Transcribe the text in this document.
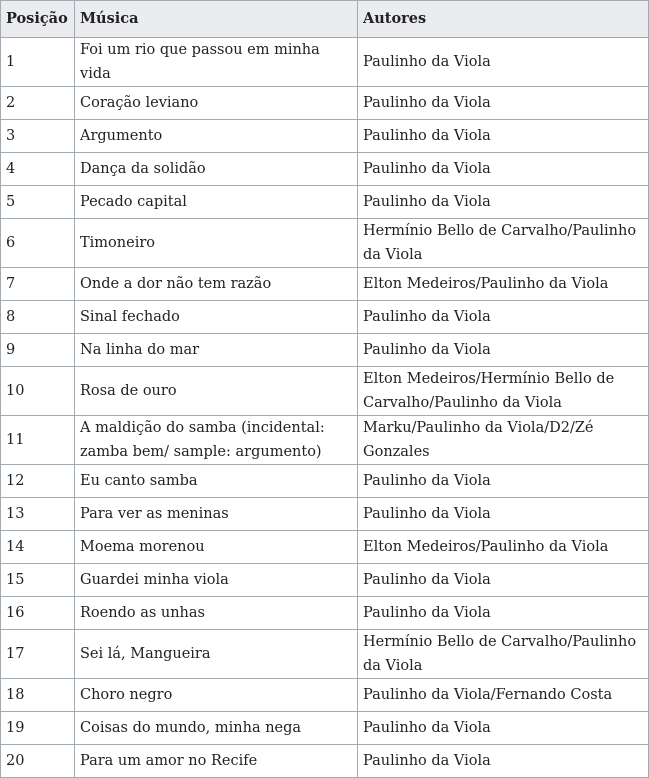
Posição	Música	Autores
1	Foi um rio que passou em minha vida	Paulinho da Viola
2	Coração leviano	Paulinho da Viola
3	Argumento	Paulinho da Viola
4	Dança da solidão	Paulinho da Viola
5	Pecado capital	Paulinho da Viola
6	Timoneiro	Hermínio Bello de Carvalho/Paulinho da Viola
7	Onde a dor não tem razão	Elton Medeiros/Paulinho da Viola
8	Sinal fechado	Paulinho da Viola
9	Na linha do mar	Paulinho da Viola
10	Rosa de ouro	Elton Medeiros/Hermínio Bello de Carvalho/Paulinho da Viola
11	A maldição do samba (incidental: zamba bem/ sample: argumento)	Marku/Paulinho da Viola/D2/Zé Gonzales
12	Eu canto samba	Paulinho da Viola
13	Para ver as meninas	Paulinho da Viola
14	Moema morenou	Elton Medeiros/Paulinho da Viola
15	Guardei minha viola	Paulinho da Viola
16	Roendo as unhas	Paulinho da Viola
17	Sei lá, Mangueira	Hermínio Bello de Carvalho/Paulinho da Viola
18	Choro negro	Paulinho da Viola/Fernando Costa
19	Coisas do mundo, minha nega	Paulinho da Viola
20	Para um amor no Recife	Paulinho da Viola
